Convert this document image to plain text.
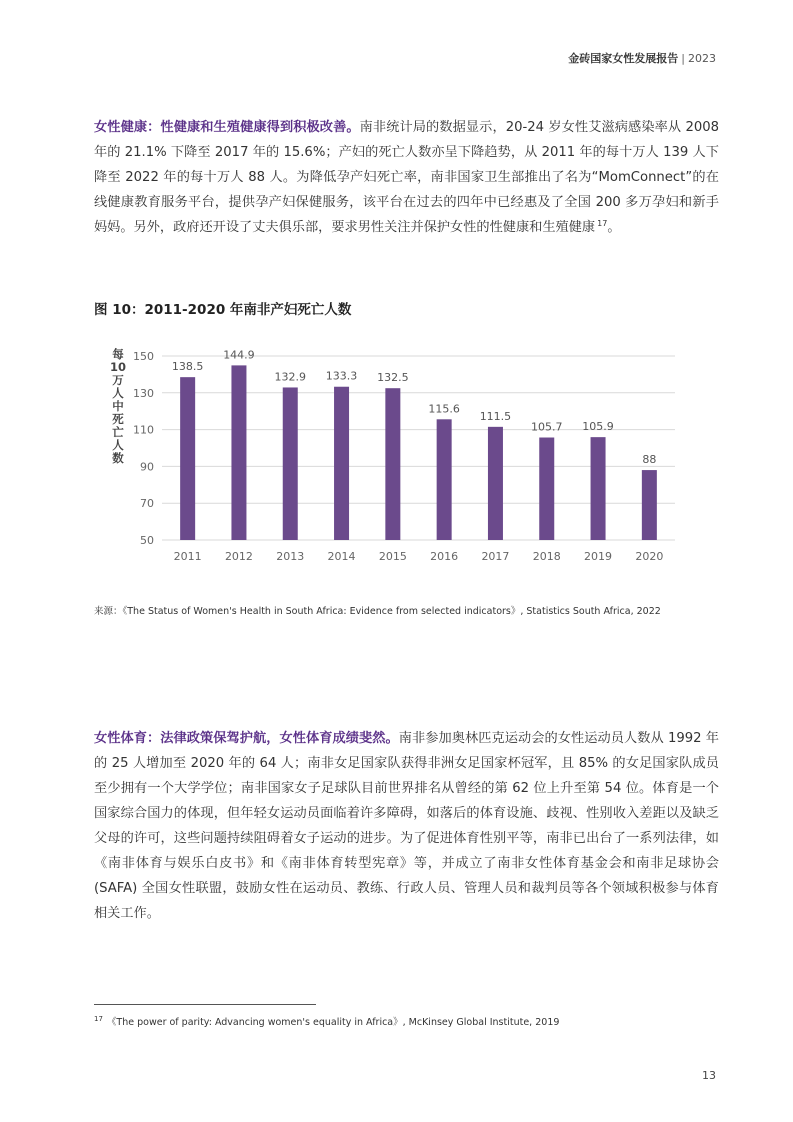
金砖国家女性发展报告 | 2023
女性健康：性健康和生殖健康得到积极改善。南非统计局的数据显示，20-24 岁女性艾滋病感染率从 2008 年的 21.1% 下降至 2017 年的 15.6%；产妇的死亡人数亦呈下降趋势，从 2011 年的每十万人 139 人下降至 2022 年的每十万人 88 人。为降低孕产妇死亡率，南非国家卫生部推出了名为“MomConnect”的在线健康教育服务平台，提供孕产妇保健服务，该平台在过去的四年中已经惠及了全国 200 多万孕妇和新手妈妈。另外，政府还开设了丈夫俱乐部，要求男性关注并保护女性的性健康和生殖健康 $^{17}$。
图 10：2011-2020 年南非产妇死亡人数
每
10
万
人
中
死
亡
人
数
50
70
90
110
130
150
138.5
2011
144.9
2012
132.9
2013
133.3
2014
132.5
2015
115.6
2016
111.5
2017
105.7
2018
105.9
2019
88
2020
来源：《The Status of Women's Health in South Africa: Evidence from selected indicators》, Statistics South Africa, 2022
女性体育：法律政策保驾护航，女性体育成绩斐然。南非参加奥林匹克运动会的女性运动员人数从 1992 年的 25 人增加至 2020 年的 64 人；南非女足国家队获得非洲女足国家杯冠军，且 85% 的女足国家队成员至少拥有一个大学学位；南非国家女子足球队目前世界排名从曾经的第 62 位上升至第 54 位。体育是一个国家综合国力的体现，但年轻女运动员面临着许多障碍，如落后的体育设施、歧视、性别收入差距以及缺乏父母的许可，这些问题持续阻碍着女子运动的进步。为了促进体育性别平等，南非已出台了一系列法律，如《南非体育与娱乐白皮书》和《南非体育转型宪章》等，并成立了南非女性体育基金会和南非足球协会 (SAFA) 全国女性联盟，鼓励女性在运动员、教练、行政人员、管理人员和裁判员等各个领域积极参与体育相关工作。
$^{17}$ 《The power of parity: Advancing women's equality in Africa》, McKinsey Global Institute, 2019
13
